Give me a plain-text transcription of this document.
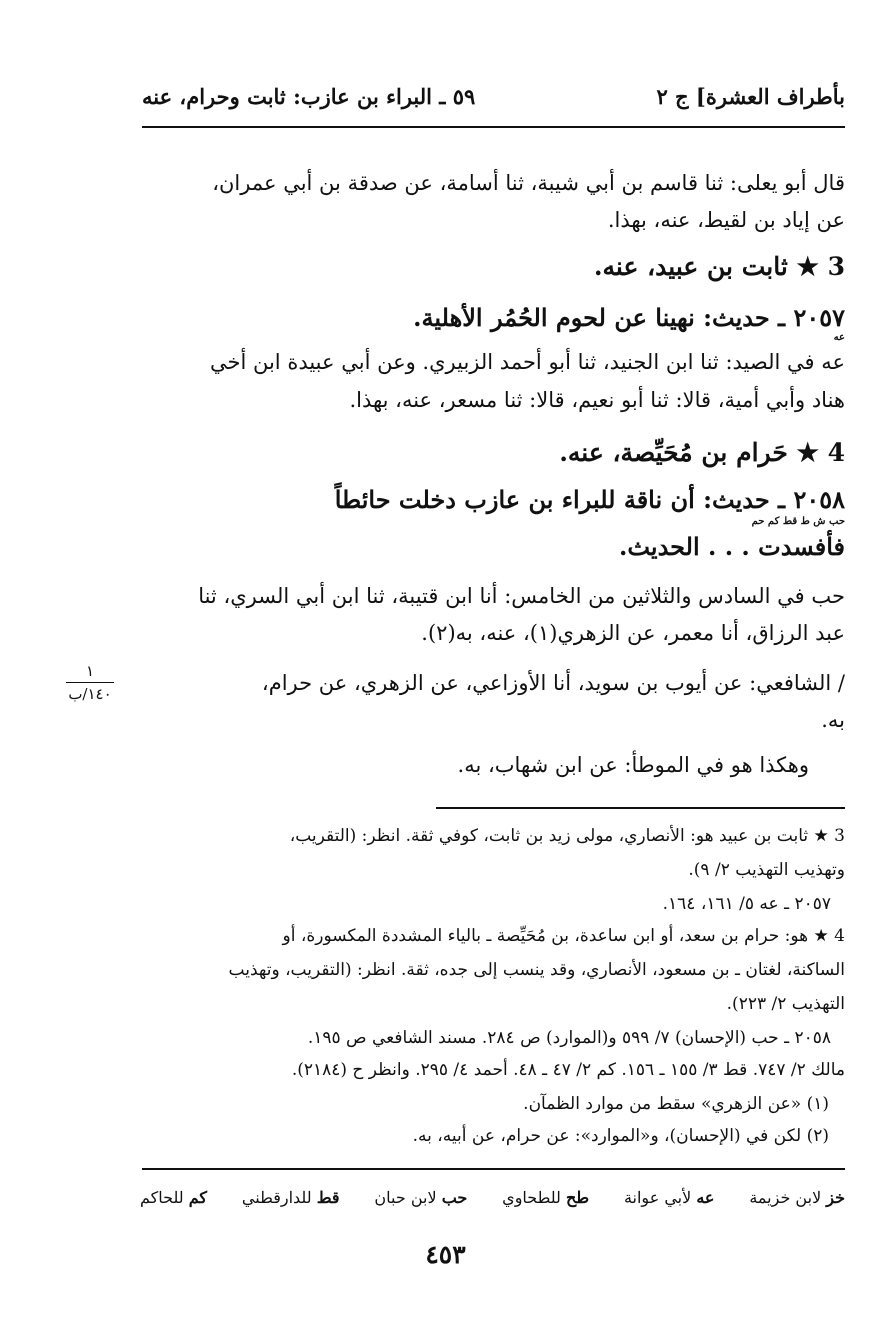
بأطراف العشرة] ج ٢
٥٩ ـ البراء بن عازب: ثابت وحرام، عنه
قال أبو يعلى: ثنا قاسم بن أبي شيبة، ثنا أسامة، عن صدقة بن أبي عمران،
عن إياد بن لقيط، عنه، بهذا.
3 ★ ثابت بن عبيد، عنه.
٢٠٥٧ ـ حديث: نهينا عن لحوم الحُمُر الأهلية.
عه
عه في الصيد: ثنا ابن الجنيد، ثنا أبو أحمد الزبيري. وعن أبي عبيدة ابن أخي
هناد وأبي أمية، قالا: ثنا أبو نعيم، قالا: ثنا مسعر، عنه، بهذا.
4 ★ حَرام بن مُحَيِّصة، عنه.
٢٠٥٨ ـ حديث: أن ناقة للبراء بن عازب دخلت حائطاً
حب ش ط قط كم حم
فأفسدت . . . الحديث.
حب في السادس والثلاثين من الخامس: أنا ابن قتيبة، ثنا ابن أبي السري، ثنا
عبد الرزاق، أنا معمر، عن الزهري(١)، عنه، به(٢).
/ الشافعي: عن أيوب بن سويد، أنا الأوزاعي، عن الزهري، عن حرام،
به.
وهكذا هو في الموطأ: عن ابن شهاب، به.
١
١٤٠/ب
3 ★ ثابت بن عبيد هو: الأنصاري، مولى زيد بن ثابت، كوفي ثقة. انظر: (التقريب،
وتهذيب التهذيب ٢/ ٩).
٢٠٥٧ ـ عه ٥/ ١٦١، ١٦٤.
4 ★ هو: حرام بن سعد، أو ابن ساعدة، بن مُحَيِّصة ـ بالياء المشددة المكسورة، أو
الساكنة، لغتان ـ بن مسعود، الأنصاري، وقد ينسب إلى جده، ثقة. انظر: (التقريب، وتهذيب
التهذيب ٢/ ٢٢٣).
٢٠٥٨ ـ حب (الإحسان) ٧/ ٥٩٩ و(الموارد) ص ٢٨٤. مسند الشافعي ص ١٩٥.
مالك ٢/ ٧٤٧. قط ٣/ ١٥٥ ـ ١٥٦. كم ٢/ ٤٧ ـ ٤٨. أحمد ٤/ ٢٩٥. وانظر ح (٢١٨٤).
(١) «عن الزهري» سقط من موارد الظمآن.
(٢) لكن في (الإحسان)، و«الموارد»: عن حرام، عن أبيه، به.
خز لابن خزيمة
عه لأبي عوانة
طح للطحاوي
حب لابن حبان
قط للدارقطني
كم للحاكم
٤٥٣
